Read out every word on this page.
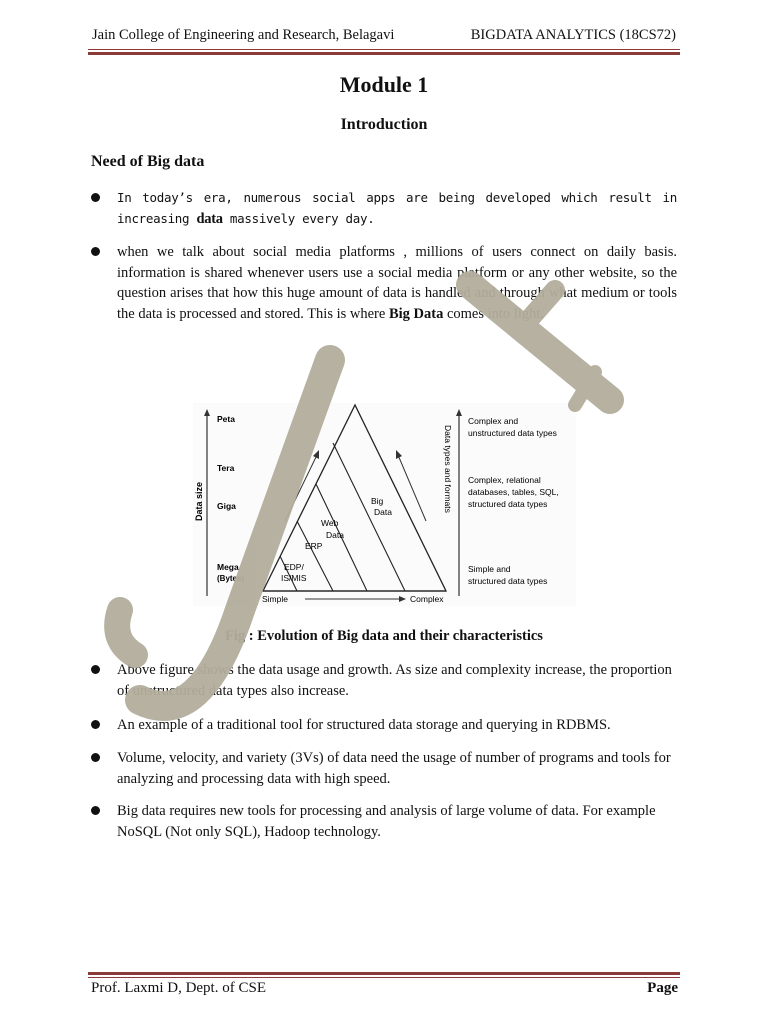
Jain College of Engineering and Research, Belagavi	BIGDATA ANALYTICS (18CS72)
Module 1
Introduction
Need of Big data
In today’s era, numerous social apps are being developed which result in increasing data massively every day.
when we talk about social media platforms , millions of users connect on daily basis. information is shared whenever users use a social media platform or any other website, so the question arises that how this huge amount of data is handled and through what medium or tools the data is processed and stored. This is where Big Data comes into light.
Data size
Peta
Tera
Giga
Mega
(Bytes)
EDP/
IS/MIS
ERP
Web
Data
Big
Data
Simple	Complex
Data types and formats
Complex and
unstructured data types
Complex, relational
databases, tables, SQL,
structured data types
Simple and
structured data types
Fig : Evolution of Big data and their characteristics
Above figure shows the data usage and growth. As size and complexity increase, the proportion of unstructured data types also increase.
An example of a traditional tool for structured data storage and querying in RDBMS.
Volume, velocity, and variety (3Vs) of data need the usage of number of programs and tools for analyzing and processing data with high speed.
Big data requires new tools for processing and analysis of large volume of data. For example NoSQL (Not only SQL), Hadoop technology.
Prof. Laxmi D, Dept. of CSE	Page
